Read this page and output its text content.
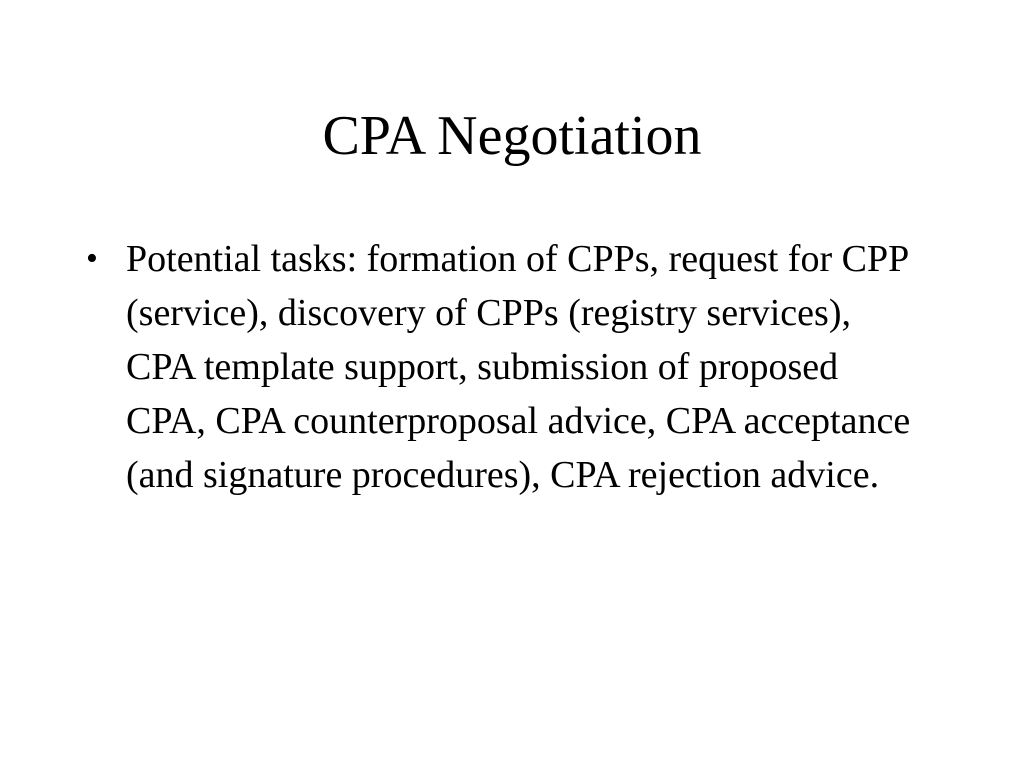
CPA Negotiation
• Potential tasks: formation of CPPs, request for CPP (service), discovery of CPPs (registry services), CPA template support, submission of proposed CPA, CPA counterproposal advice, CPA acceptance (and signature procedures), CPA rejection advice.
